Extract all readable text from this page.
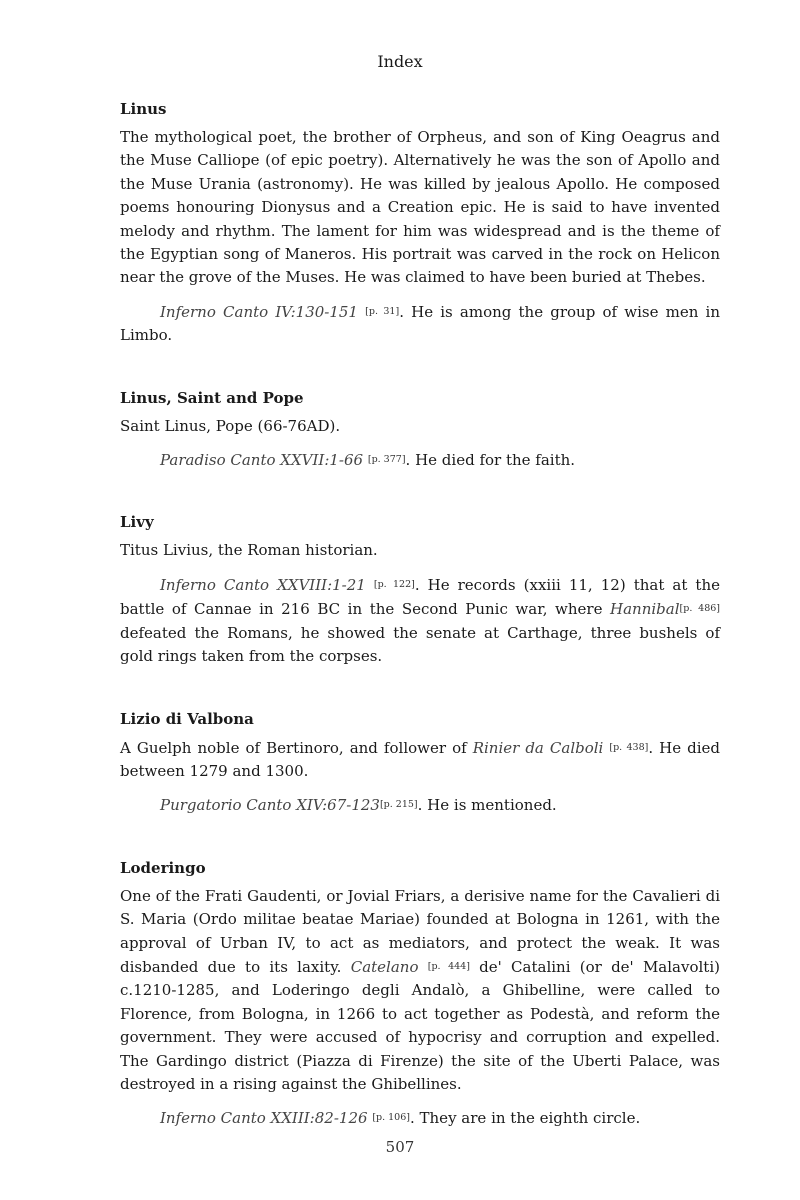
Index

Linus

The mythological poet, the brother of Orpheus, and son of King Oeagrus and the Muse Calliope (of epic poetry). Alternatively he was the son of Apollo and the Muse Urania (astronomy). He was killed by jealous Apollo. He composed poems honouring Dionysus and a Creation epic. He is said to have invented melody and rhythm. The lament for him was widespread and is the theme of the Egyptian song of Maneros. His portrait was carved in the rock on Helicon near the grove of the Muses. He was claimed to have been buried at Thebes.

Inferno Canto IV:130-151 [p. 31]. He is among the group of wise men in Limbo.

Linus, Saint and Pope

Saint Linus, Pope (66-76AD).

Paradiso Canto XXVII:1-66 [p. 377]. He died for the faith.

Livy

Titus Livius, the Roman historian.

Inferno Canto XXVIII:1-21 [p. 122]. He records (xxiii 11, 12) that at the battle of Cannae in 216 BC in the Second Punic war, where Hannibal[p. 486] defeated the Romans, he showed the senate at Carthage, three bushels of gold rings taken from the corpses.

Lizio di Valbona

A Guelph noble of Bertinoro, and follower of Rinier da Calboli [p. 438]. He died between 1279 and 1300.

Purgatorio Canto XIV:67-123[p. 215]. He is mentioned.

Loderingo

One of the Frati Gaudenti, or Jovial Friars, a derisive name for the Cavalieri di S. Maria (Ordo militae beatae Mariae) founded at Bologna in 1261, with the approval of Urban IV, to act as mediators, and protect the weak. It was disbanded due to its laxity. Catelano [p. 444] de' Catalini (or de' Malavolti) c.1210-1285, and Loderingo degli Andalò, a Ghibelline, were called to Florence, from Bologna, in 1266 to act together as Podestà, and reform the government. They were accused of hypocrisy and corruption and expelled. The Gardingo district (Piazza di Firenze) the site of the Uberti Palace, was destroyed in a rising against the Ghibellines.

Inferno Canto XXIII:82-126 [p. 106]. They are in the eighth circle.

507
